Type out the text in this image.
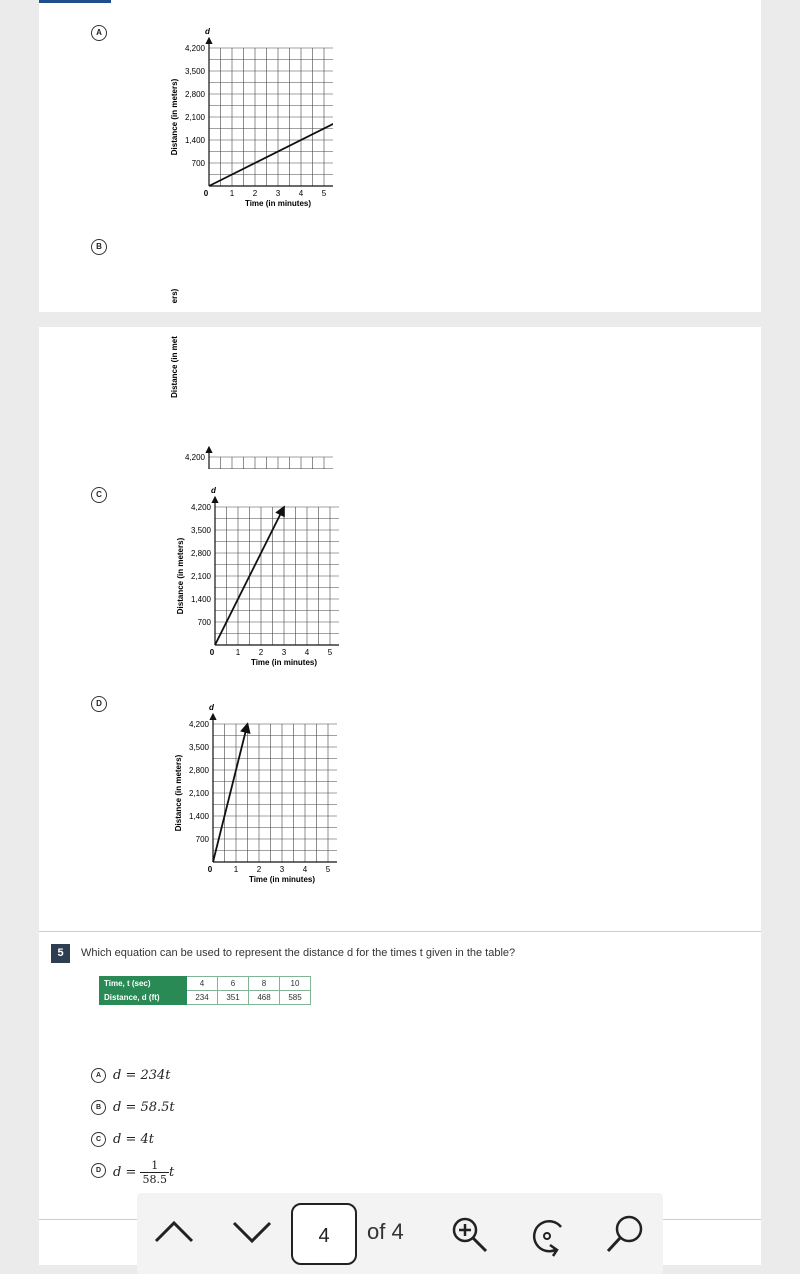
A	d
4,200
3,500
2,800
2,100
1,400
700
0	1 2 3 4 5
Time (in minutes)
Distance (in meters)
B
ers)
4,200
Distance (in met
C	d
4,200
3,500
2,800
2,100
1,400
700
0	1 2 3 4 5
Time (in minutes)
Distance (in meters)
D	d
4,200
3,500
2,800
2,100
1,400
700
0	1 2 3 4 5
Time (in minutes)
Distance (in meters)
5	Which equation can be used to represent the distance d for the times t given in the table?
Time, t (sec)	4	6	8	10
Distance, d (ft)	234	351	468	585
A d = 234t
B d = 58.5t
C d = 4t
D $d = \frac{1}{58.5}$ t
4	of 4
